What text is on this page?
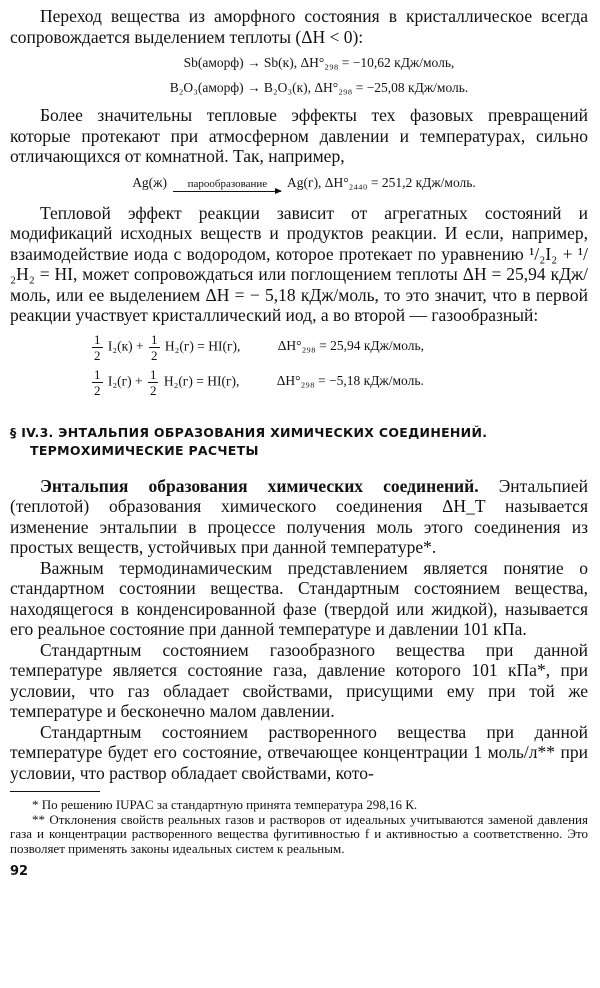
Переход вещества из аморфного состояния в кристаллическое всегда сопровождается выделением теплоты (ΔH < 0):

Sb(аморф) → Sb(к), ΔH°₂₉₈ = −10,62 кДж/моль,
B₂O₃(аморф) → B₂O₃(к), ΔH°₂₉₈ = −25,08 кДж/моль.

Более значительны тепловые эффекты тех фазовых превращений которые протекают при атмосферном давлении и температурах, сильно отличающихся от комнатной. Так, например,

Ag(ж)	парообразование	Ag(г), ΔH°₂₄₄₀ = 251,2 кДж/моль.

Тепловой эффект реакции зависит от агрегатных состояний и модификаций исходных веществ и продуктов реакции. И если, например, взаимодействие иода с водородом, которое протекает по уравнению ¹/₂I₂ + ¹/₂H₂ = HI, может сопровождаться или поглощением теплоты ΔH = 25,94 кДж/моль, или ее выделением ΔH = − 5,18 кДж/моль, то это значит, что в первой реакции участвует кристаллический иод, а во второй — газообразный:

$\frac{1}{2} I_2(к) + \frac{1}{2} H_2(г) = HI(г)$,	ΔH°₂₉₈ = 25,94 кДж/моль,
$\frac{1}{2} I_2(г) + \frac{1}{2} H_2(г) = HI(г)$,	ΔH°₂₉₈ = −5,18 кДж/моль.
§ IV.3. ЭНТАЛЬПИЯ ОБРАЗОВАНИЯ ХИМИЧЕСКИХ СОЕДИНЕНИЙ.
ТЕРМОХИМИЧЕСКИЕ РАСЧЕТЫ

Энтальпия образования химических соединений. Энтальпией (теплотой) образования химического соединения ΔH_T называется изменение энтальпии в процессе получения моль этого соединения из простых веществ, устойчивых при данной температуре*.

Важным термодинамическим представлением является понятие о стандартном состоянии вещества. Стандартным состоянием вещества, находящегося в конденсированной фазе (твердой или жидкой), называется его реальное состояние при данной температуре и давлении 101 кПа.

Стандартным состоянием газообразного вещества при данной температуре является состояние газа, давление которого 101 кПа*, при условии, что газ обладает свойствами, присущими ему при той же температуре и бесконечно малом давлении.

Стандартным состоянием растворенного вещества при данной температуре будет его состояние, отвечающее концентрации 1 моль/л** при условии, что раствор обладает свойствами, кото-

* По решению IUPAC за стандартную принята температура 298,16 К.
** Отклонения свойств реальных газов и растворов от идеальных учитываются заменой давления газа и концентрации растворенного вещества фугитивностью f и активностью a соответственно. Это позволяет применять законы идеальных систем к реальным.
92
